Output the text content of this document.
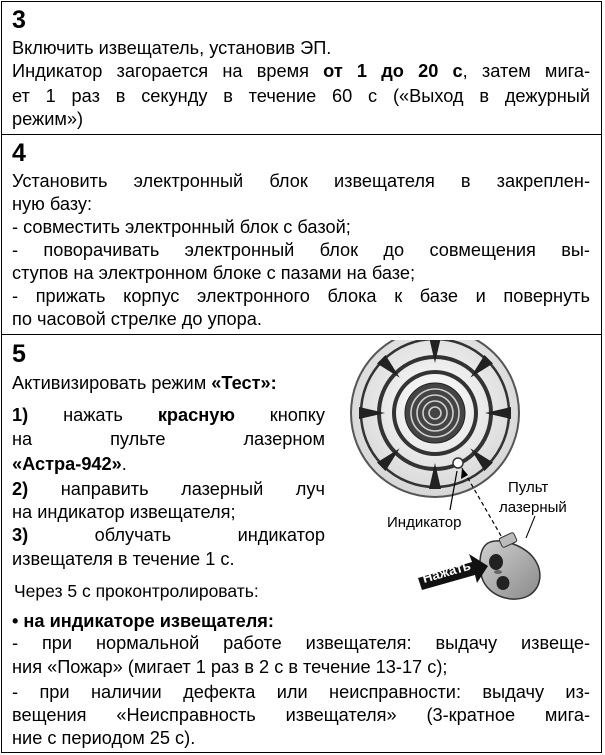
3
Включить извещатель, установив ЭП.
Индикатор загорается на время от 1 до 20 с, затем мига-
ет 1 раз в секунду в течение 60 с («Выход в дежурный
режим»)
4
Установить электронный блок извещателя в закреплен-
ную базу:
- совместить электронный блок с базой;
- поворачивать электронный блок до совмещения вы-
ступов на электронном блоке с пазами на базе;
- прижать корпус электронного блока к базе и повернуть
по часовой стрелке до упора.
5
Активизировать режим «Тест»:
1) нажать красную кнопку
на пульте лазерном
«Астра-942».
2) направить лазерный луч
на индикатор извещателя;
3) облучать индикатор
извещателя в течение 1 с.
Через 5 с проконтролировать:
• на индикаторе извещателя:
- при нормальной работе извещателя: выдачу извеще-
ния «Пожар» (мигает 1 раз в 2 с в течение 13-17 с);
- при наличии дефекта или неисправности: выдачу из-
вещения «Неисправность извещателя» (3-кратное мига-
ние с периодом 25 с).
Индикатор
Пульт
лазерный
Нажать
